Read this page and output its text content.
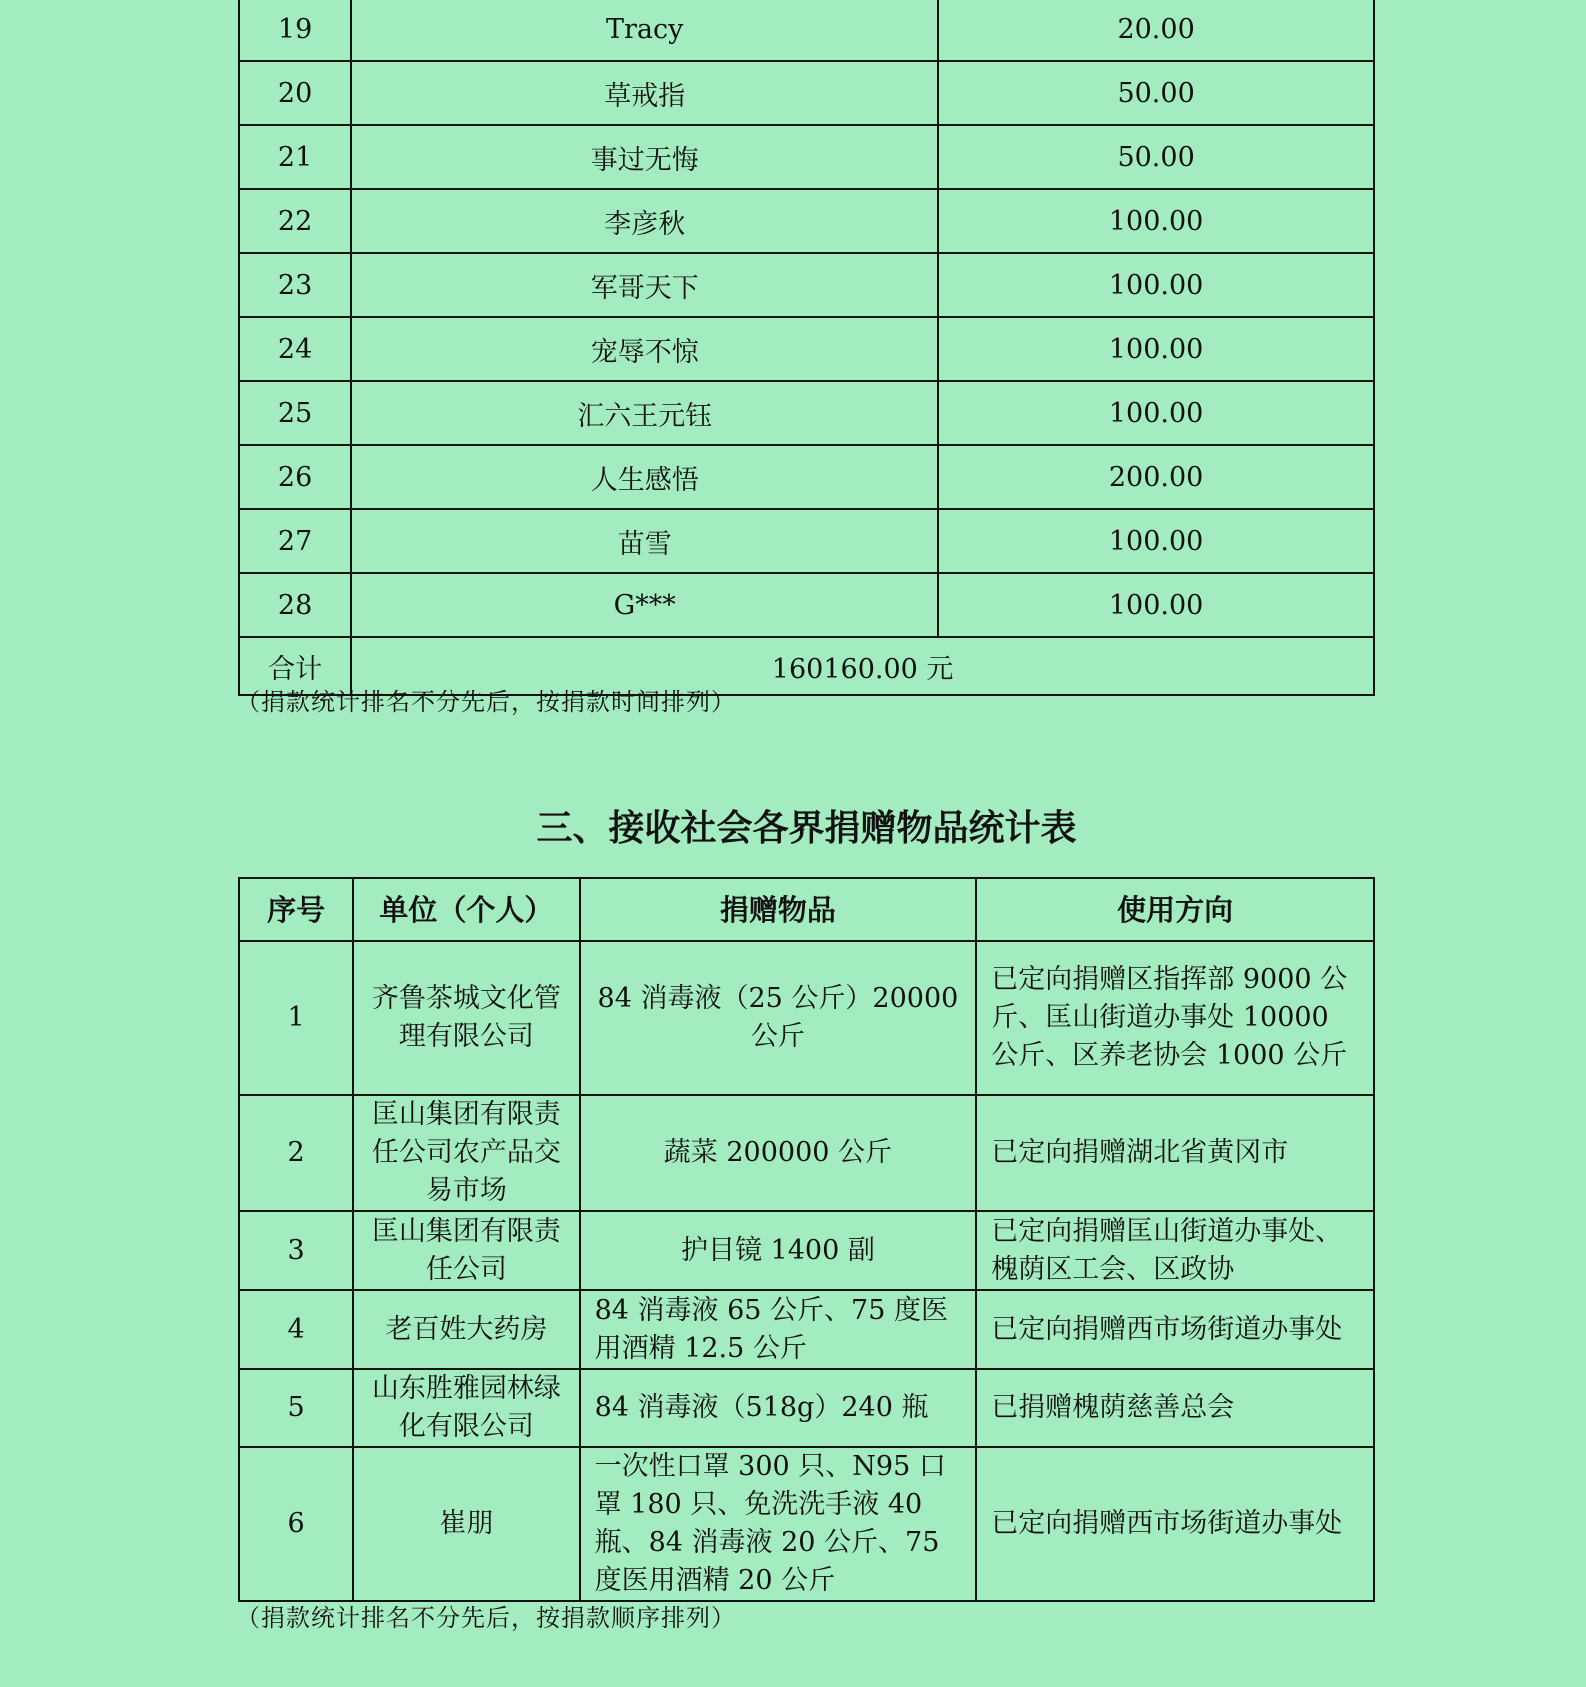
19	Tracy	20.00
20	草戒指	50.00
21	事过无悔	50.00
22	李彦秋	100.00
23	军哥天下	100.00
24	宠辱不惊	100.00
25	汇六王元钰	100.00
26	人生感悟	200.00
27	苗雪	100.00
28	G***	100.00
合计	160160.00 元	
（捐款统计排名不分先后，按捐款时间排列）
三、接收社会各界捐赠物品统计表
序号	单位（个人）	捐赠物品	使用方向
1	齐鲁茶城文化管理有限公司	84 消毒液（25 公斤）20000 公斤	已定向捐赠区指挥部 9000 公斤、匡山街道办事处 10000 公斤、区养老协会 1000 公斤
2	匡山集团有限责任公司农产品交易市场	蔬菜 200000 公斤	已定向捐赠湖北省黄冈市
3	匡山集团有限责任公司	护目镜 1400 副	已定向捐赠匡山街道办事处、槐荫区工会、区政协
4	老百姓大药房	84 消毒液 65 公斤、75 度医用酒精 12.5 公斤	已定向捐赠西市场街道办事处
5	山东胜雅园林绿化有限公司	84 消毒液（518g）240 瓶	已捐赠槐荫慈善总会
6	崔朋	一次性口罩 300 只、N95 口罩 180 只、免洗洗手液 40 瓶、84 消毒液 20 公斤、75 度医用酒精 20 公斤	已定向捐赠西市场街道办事处
（捐款统计排名不分先后，按捐款顺序排列）
